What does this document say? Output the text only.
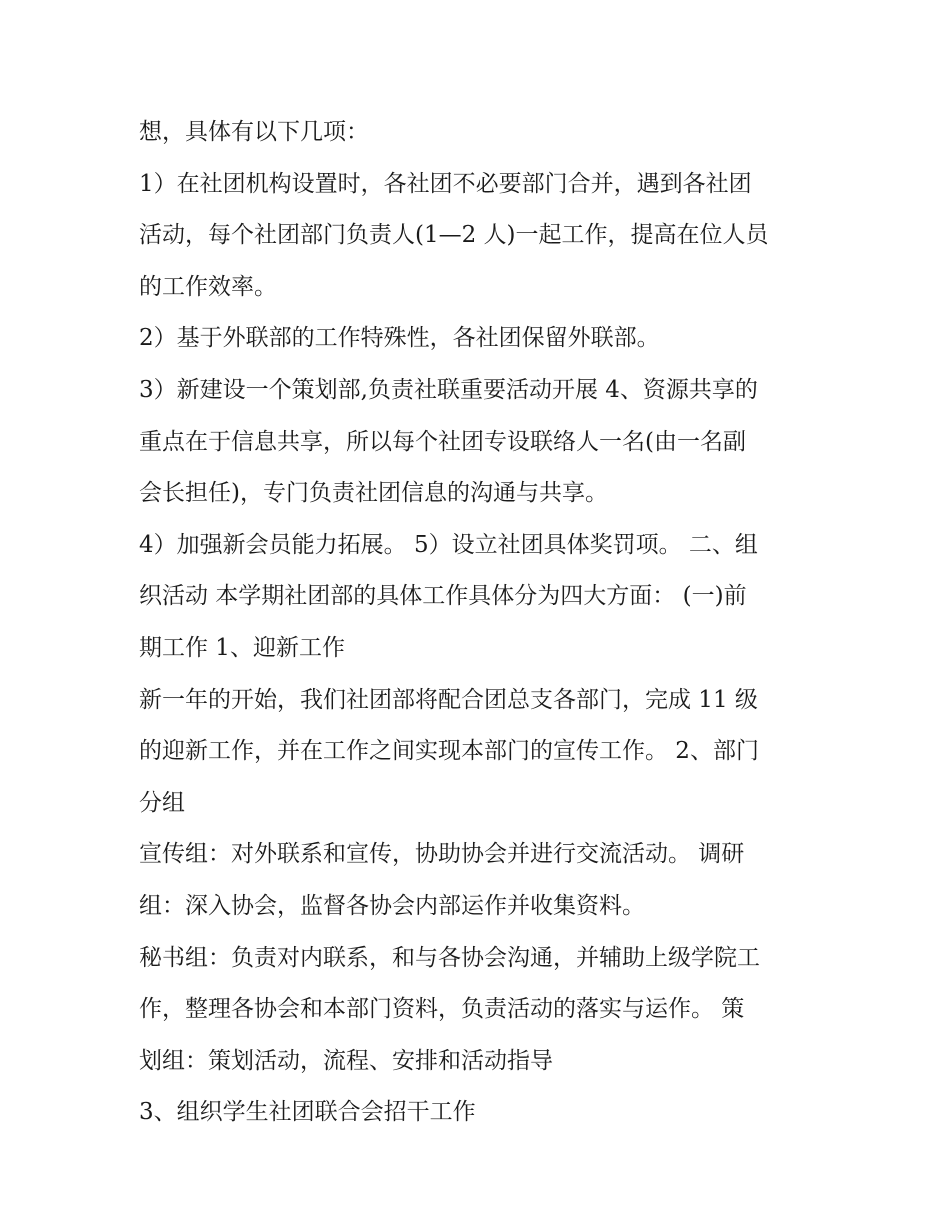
想，具体有以下几项：

1）在社团机构设置时，各社团不必要部门合并，遇到各社团

活动，每个社团部门负责人(1—2 人)一起工作，提高在位人员

的工作效率。

2）基于外联部的工作特殊性，各社团保留外联部。

3）新建设一个策划部,负责社联重要活动开展 4、资源共享的

重点在于信息共享，所以每个社团专设联络人一名(由一名副

会长担任)，专门负责社团信息的沟通与共享。

4）加强新会员能力拓展。 5）设立社团具体奖罚项。 二、组

织活动 本学期社团部的具体工作具体分为四大方面： (一)前

期工作 1、迎新工作

新一年的开始，我们社团部将配合团总支各部门，完成 11 级

的迎新工作，并在工作之间实现本部门的宣传工作。 2、部门

分组

宣传组：对外联系和宣传，协助协会并进行交流活动。 调研

组：深入协会，监督各协会内部运作并收集资料。

秘书组：负责对内联系，和与各协会沟通，并辅助上级学院工

作，整理各协会和本部门资料，负责活动的落实与运作。 策

划组：策划活动，流程、安排和活动指导

3、组织学生社团联合会招干工作
